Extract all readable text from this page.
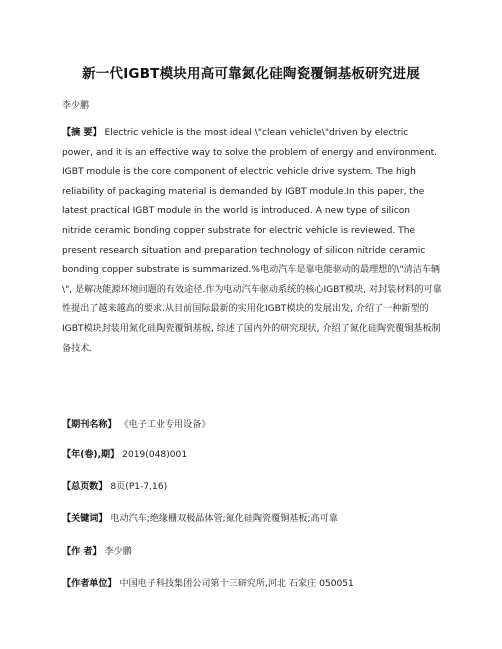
新一代IGBT模块用高可靠氮化硅陶瓷覆铜基板研究进展
李少鹏

【摘 要】 Electric vehicle is the most ideal \"clean vehicle\"driven by electric power, and it is an effective way to solve the problem of energy and environment. IGBT module is the core component of electric vehicle drive system. The high reliability of packaging material is demanded by IGBT module.In this paper, the latest practical IGBT module in the world is introduced. A new type of silicon nitride ceramic bonding copper substrate for electric vehicle is reviewed. The present research situation and preparation technology of silicon nitride ceramic bonding copper substrate is summarized.%电动汽车是靠电能驱动的最理想的\"清洁车辆\", 是解决能源环境问题的有效途径.作为电动汽车驱动系统的核心IGBT模块, 对封装材料的可靠性提出了越来越高的要求.从目前国际最新的实用化IGBT模块的发展出发, 介绍了一种新型的IGBT模块封装用氮化硅陶瓷覆铜基板, 综述了国内外的研究现状, 介绍了氮化硅陶瓷覆铜基板制备技术.

【期刊名称】 《电子工业专用设备》
【年(卷),期】 2019(048)001
【总页数】 8页(P1-7,16)
【关键词】 电动汽车;绝缘栅双极晶体管;氮化硅陶瓷覆铜基板;高可靠
【作 者】 李少鹏
【作者单位】 中国电子科技集团公司第十三研究所,河北 石家庄 050051
